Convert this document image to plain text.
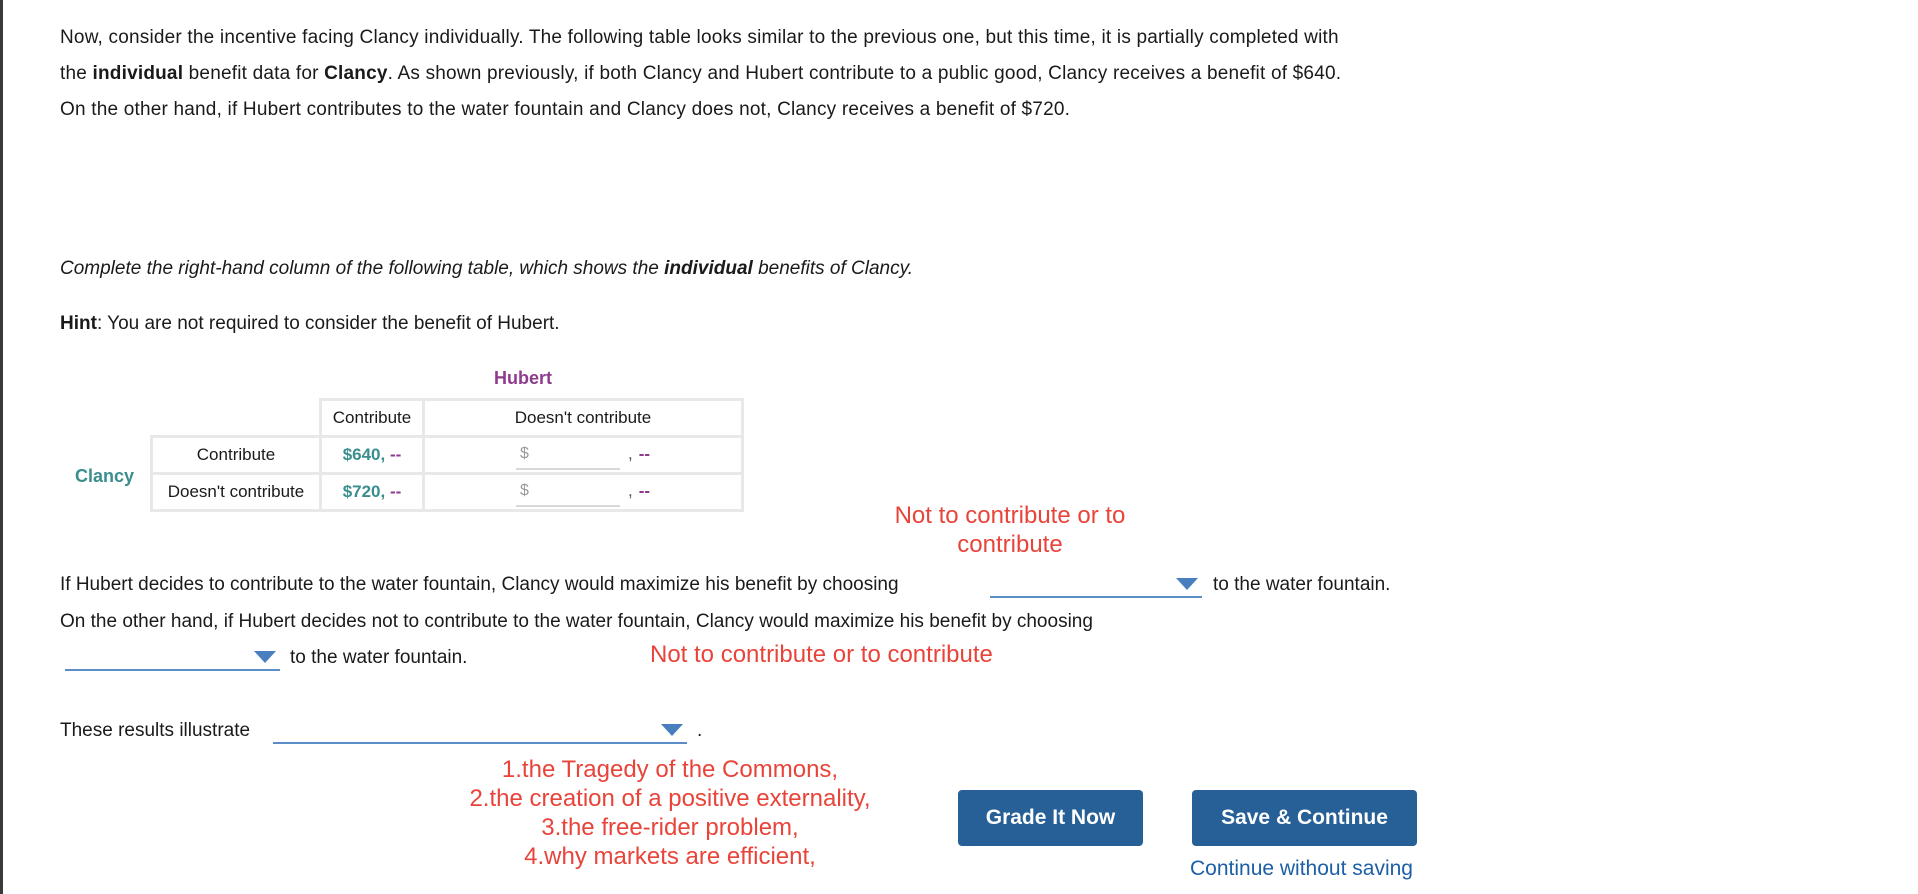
Now, consider the incentive facing Clancy individually. The following table looks similar to the previous one, but this time, it is partially completed with
the individual benefit data for Clancy. As shown previously, if both Clancy and Hubert contribute to a public good, Clancy receives a benefit of $640.
On the other hand, if Hubert contributes to the water fountain and Clancy does not, Clancy receives a benefit of $720.
Complete the right-hand column of the following table, which shows the individual benefits of Clancy.
Hint: You are not required to consider the benefit of Hubert.
Hubert
Clancy
	Contribute	Doesn't contribute
Contribute	$640, --	$ , --
Doesn't contribute	$720, --	$ , --
Not to contribute or to
contribute
If Hubert decides to contribute to the water fountain, Clancy would maximize his benefit by choosing	to the water fountain.
On the other hand, if Hubert decides not to contribute to the water fountain, Clancy would maximize his benefit by choosing
to the water fountain.	Not to contribute or to contribute
These results illustrate	.
1.the Tragedy of the Commons,
2.the creation of a positive externality,
3.the free-rider problem,
4.why markets are efficient,
Grade It Now	Save & Continue
Continue without saving
